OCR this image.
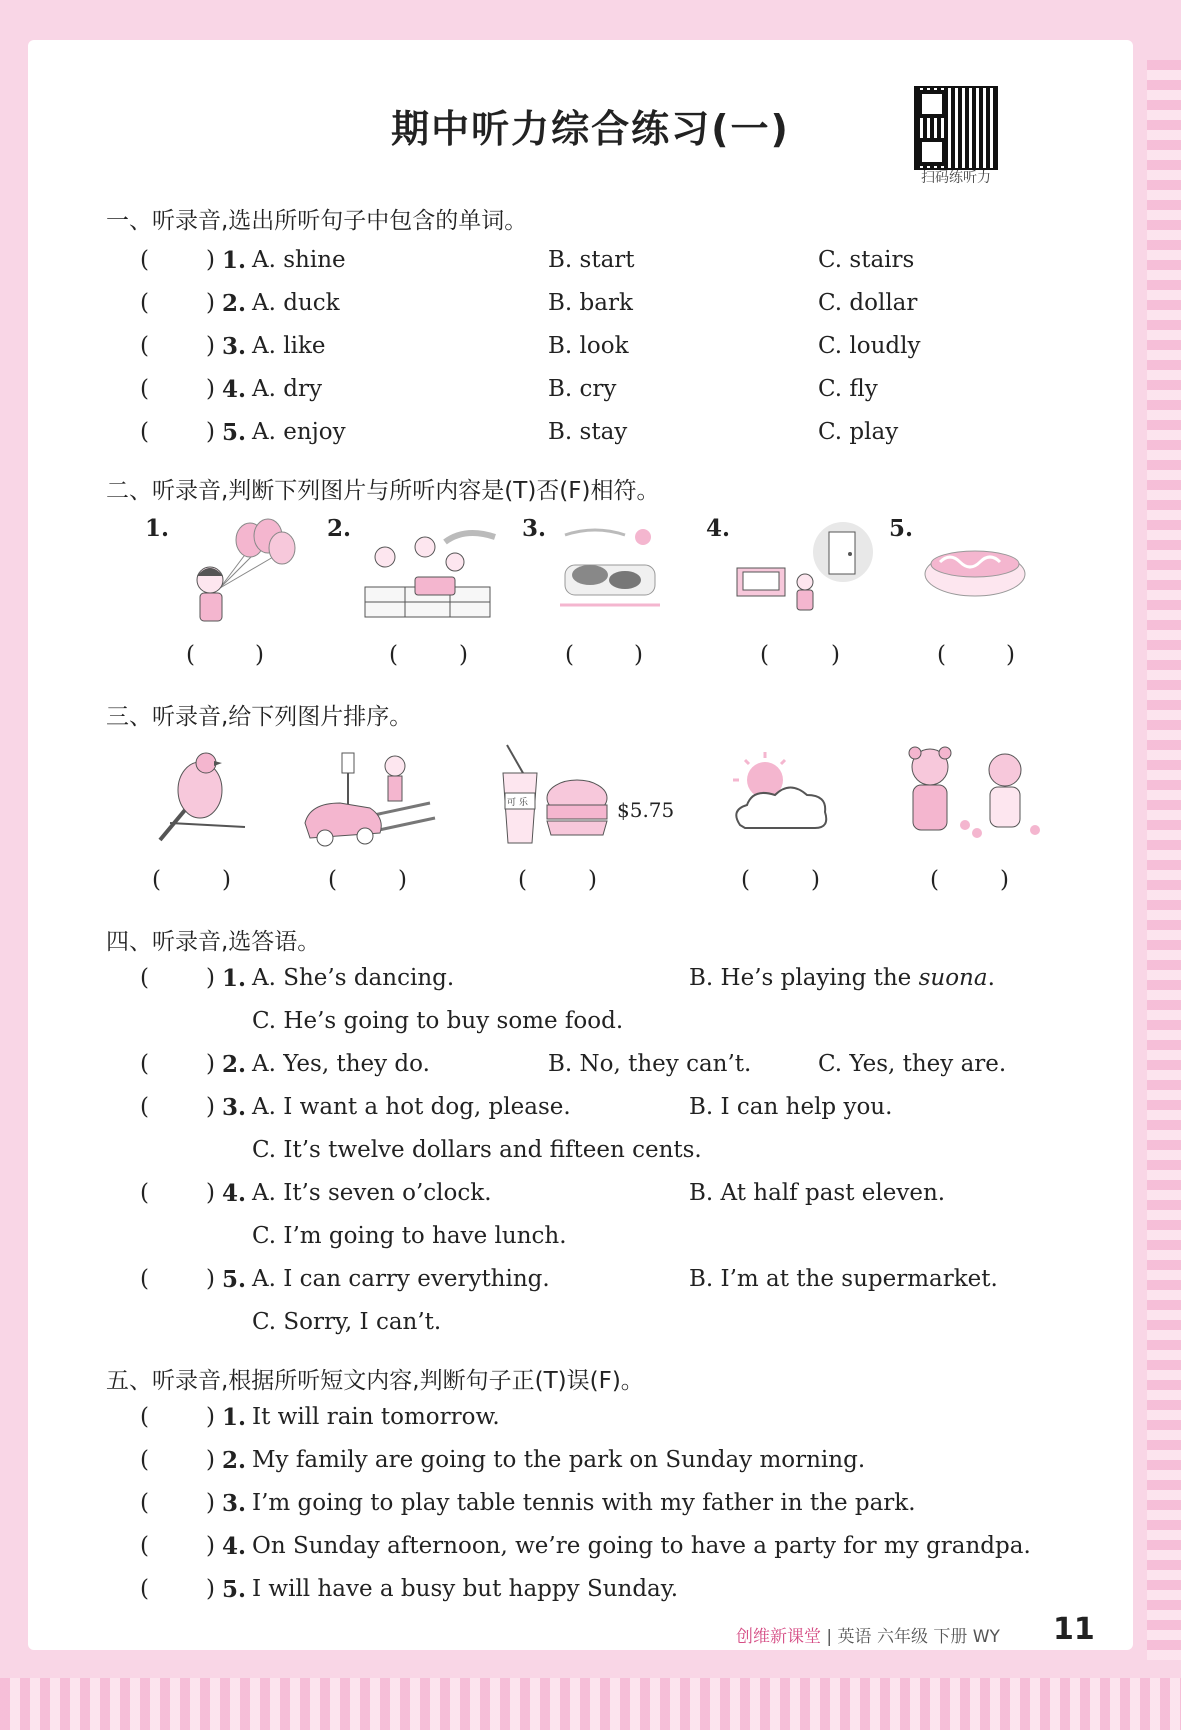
期中听力综合练习(一)
扫码练听力
一、听录音,选出所听句子中包含的单词。
( ) 1. A. shine	B. start	C. stairs
( ) 2. A. duck	B. bark	C. dollar
( ) 3. A. like	B. look	C. loudly
( ) 4. A. dry	B. cry	C. fly
( ) 5. A. enjoy	B. stay	C. play
二、听录音,判断下列图片与所听内容是(T)否(F)相符。
1.	2.	3.	4.	5.
(	)	(	)	(	)	(	)	(	)
三、听录音,给下列图片排序。
可 乐	$5.75
(	)	(	)	(	)	(	)	(	)
四、听录音,选答语。
( ) 1. A. She’s dancing.	B. He’s playing the suona.
C. He’s going to buy some food.
( ) 2. A. Yes, they do.	B. No, they can’t.	C. Yes, they are.
( ) 3. A. I want a hot dog, please.	B. I can help you.
C. It’s twelve dollars and fifteen cents.
( ) 4. A. It’s seven o’clock.	B. At half past eleven.
C. I’m going to have lunch.
( ) 5. A. I can carry everything.	B. I’m at the supermarket.
C. Sorry, I can’t.
五、听录音,根据所听短文内容,判断句子正(T)误(F)。
( ) 1. It will rain tomorrow.
( ) 2. My family are going to the park on Sunday morning.
( ) 3. I’m going to play table tennis with my father in the park.
( ) 4. On Sunday afternoon, we’re going to have a party for my grandpa.
( ) 5. I will have a busy but happy Sunday.
创维新课堂 | 英语 六年级 下册 WY 11
